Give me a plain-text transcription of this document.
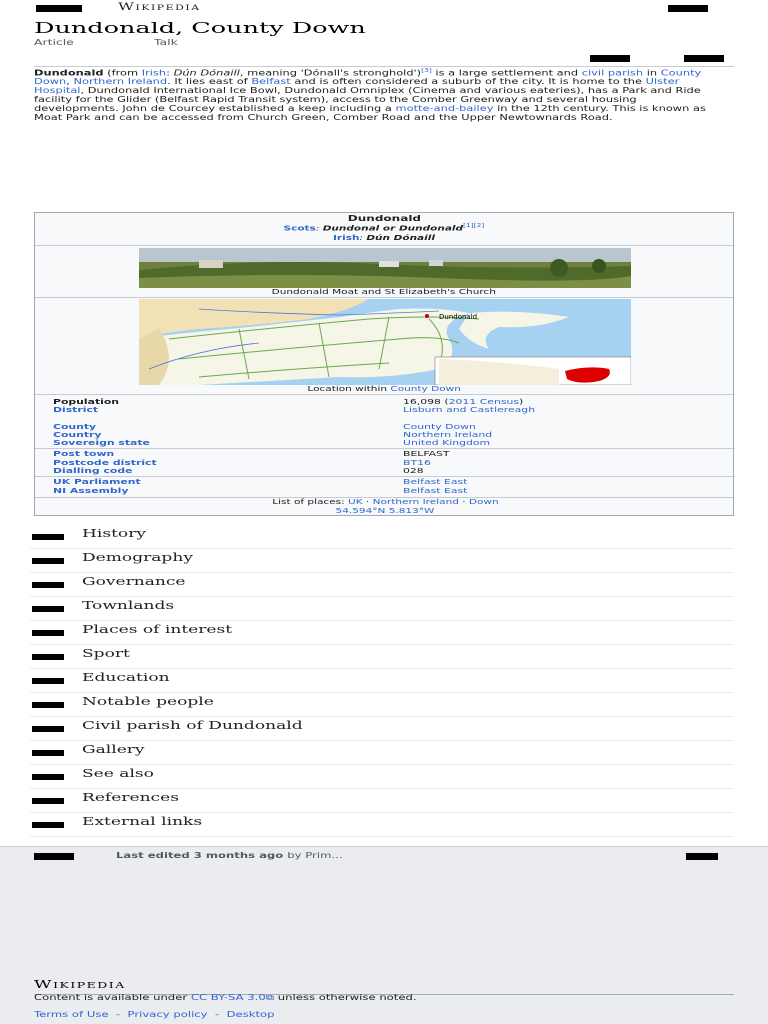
Wikipedia
Dundonald, County Down
Article	Talk

Dundonald (from Irish: Dún Dónaill, meaning 'Dónall's stronghold')[3] is a large settlement and civil parish in County Down, Northern Ireland. It lies east of Belfast and is often considered a suburb of the city. It is home to the Ulster Hospital, Dundonald International Ice Bowl, Dundonald Omniplex (Cinema and various eateries), has a Park and Ride facility for the Glider (Belfast Rapid Transit system), access to the Comber Greenway and several housing developments. John de Courcey established a keep including a motte-and-bailey in the 12th century. This is known as Moat Park and can be accessed from Church Green, Comber Road and the Upper Newtownards Road.

Dundonald
Scots: Dundonal or Dundonald[1][2]
Irish: Dún Dónaill
Dundonald Moat and St Elizabeth's Church
Dundonald
Location within County Down
Population	16,098 (2011 Census)
District	Lisburn and Castlereagh
County	County Down
Country	Northern Ireland
Sovereign state	United Kingdom
Post town	BELFAST
Postcode district	BT16
Dialling code	028
UK Parliament	Belfast East
NI Assembly	Belfast East
List of places: UK · Northern Ireland · Down
54.594°N 5.813°W
History
Demography
Governance
Townlands
Places of interest
Sport
Education
Notable people
Civil parish of Dundonald
Gallery
See also
References
External links
Last edited 3 months ago by Prim…
Wikipedia
Content is available under CC BY-SA 3.0⧉ unless otherwise noted.
Terms of Use  -  Privacy policy  -  Desktop
